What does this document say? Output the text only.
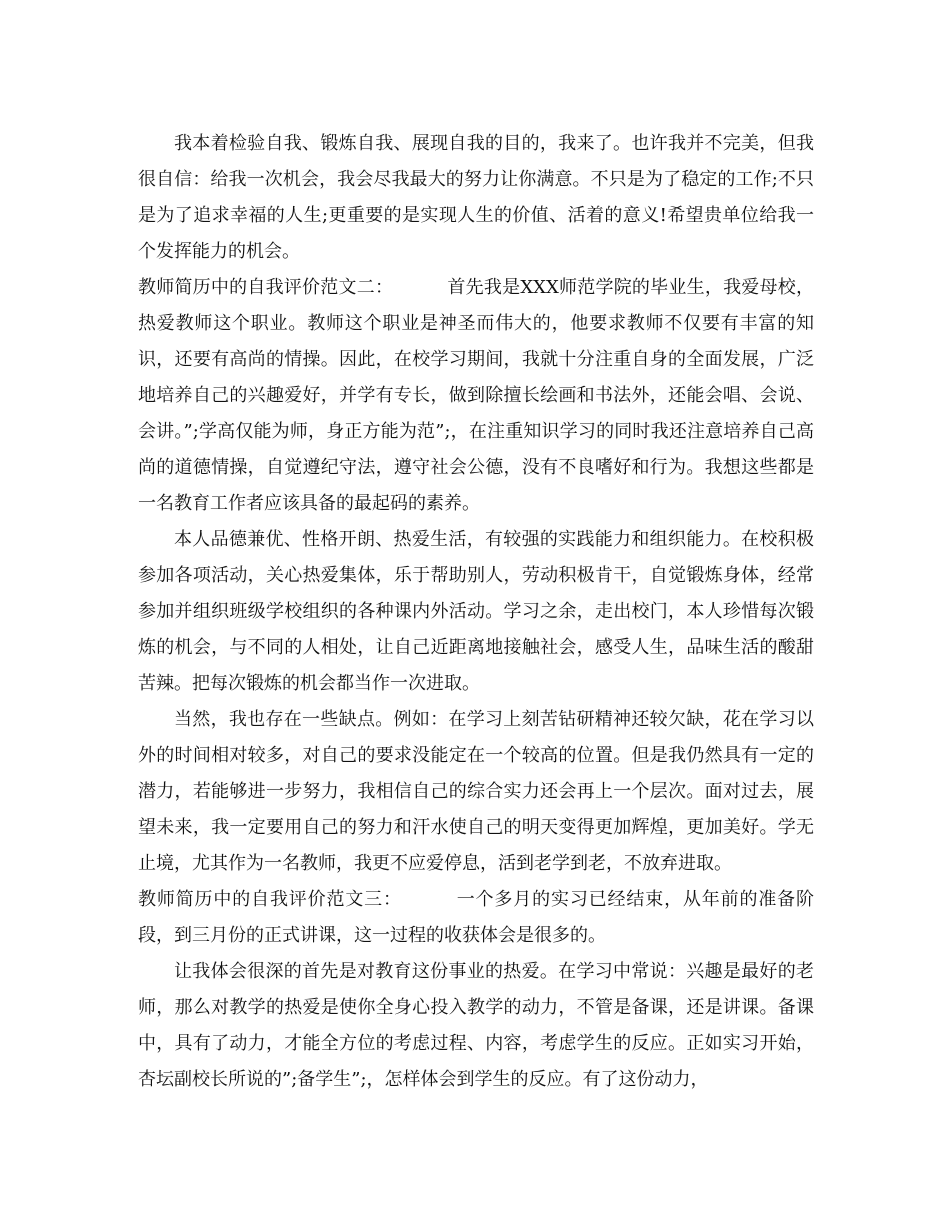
我本着检验自我、锻炼自我、展现自我的目的，我来了。也许我并不完美，但我很自信：给我一次机会，我会尽我最大的努力让你满意。不只是为了稳定的工作;不只是为了追求幸福的人生;更重要的是实现人生的价值、活着的意义!希望贵单位给我一个发挥能力的机会。

教师简历中的自我评价范文二：	首先我是XXX师范学院的毕业生，我爱母校，热爱教师这个职业。教师这个职业是神圣而伟大的，他要求教师不仅要有丰富的知识，还要有高尚的情操。因此，在校学习期间，我就十分注重自身的全面发展，广泛地培养自己的兴趣爱好，并学有专长，做到除擅长绘画和书法外，还能会唱、会说、会讲。”;学高仅能为师，身正方能为范”;，在注重知识学习的同时我还注意培养自己高尚的道德情操，自觉遵纪守法，遵守社会公德，没有不良嗜好和行为。我想这些都是一名教育工作者应该具备的最起码的素养。

本人品德兼优、性格开朗、热爱生活，有较强的实践能力和组织能力。在校积极参加各项活动，关心热爱集体，乐于帮助别人，劳动积极肯干，自觉锻炼身体，经常参加并组织班级学校组织的各种课内外活动。学习之余，走出校门，本人珍惜每次锻炼的机会，与不同的人相处，让自己近距离地接触社会，感受人生，品味生活的酸甜苦辣。把每次锻炼的机会都当作一次进取。

当然，我也存在一些缺点。例如：在学习上刻苦钻研精神还较欠缺，花在学习以外的时间相对较多，对自己的要求没能定在一个较高的位置。但是我仍然具有一定的潜力，若能够进一步努力，我相信自己的综合实力还会再上一个层次。面对过去，展望未来，我一定要用自己的努力和汗水使自己的明天变得更加辉煌，更加美好。学无止境，尤其作为一名教师，我更不应爱停息，活到老学到老，不放弃进取。

教师简历中的自我评价范文三：	一个多月的实习已经结束，从年前的准备阶段，到三月份的正式讲课，这一过程的收获体会是很多的。

让我体会很深的首先是对教育这份事业的热爱。在学习中常说：兴趣是最好的老师，那么对教学的热爱是使你全身心投入教学的动力，不管是备课，还是讲课。备课中，具有了动力，才能全方位的考虑过程、内容，考虑学生的反应。正如实习开始，杏坛副校长所说的”;备学生”;，怎样体会到学生的反应。有了这份动力，
